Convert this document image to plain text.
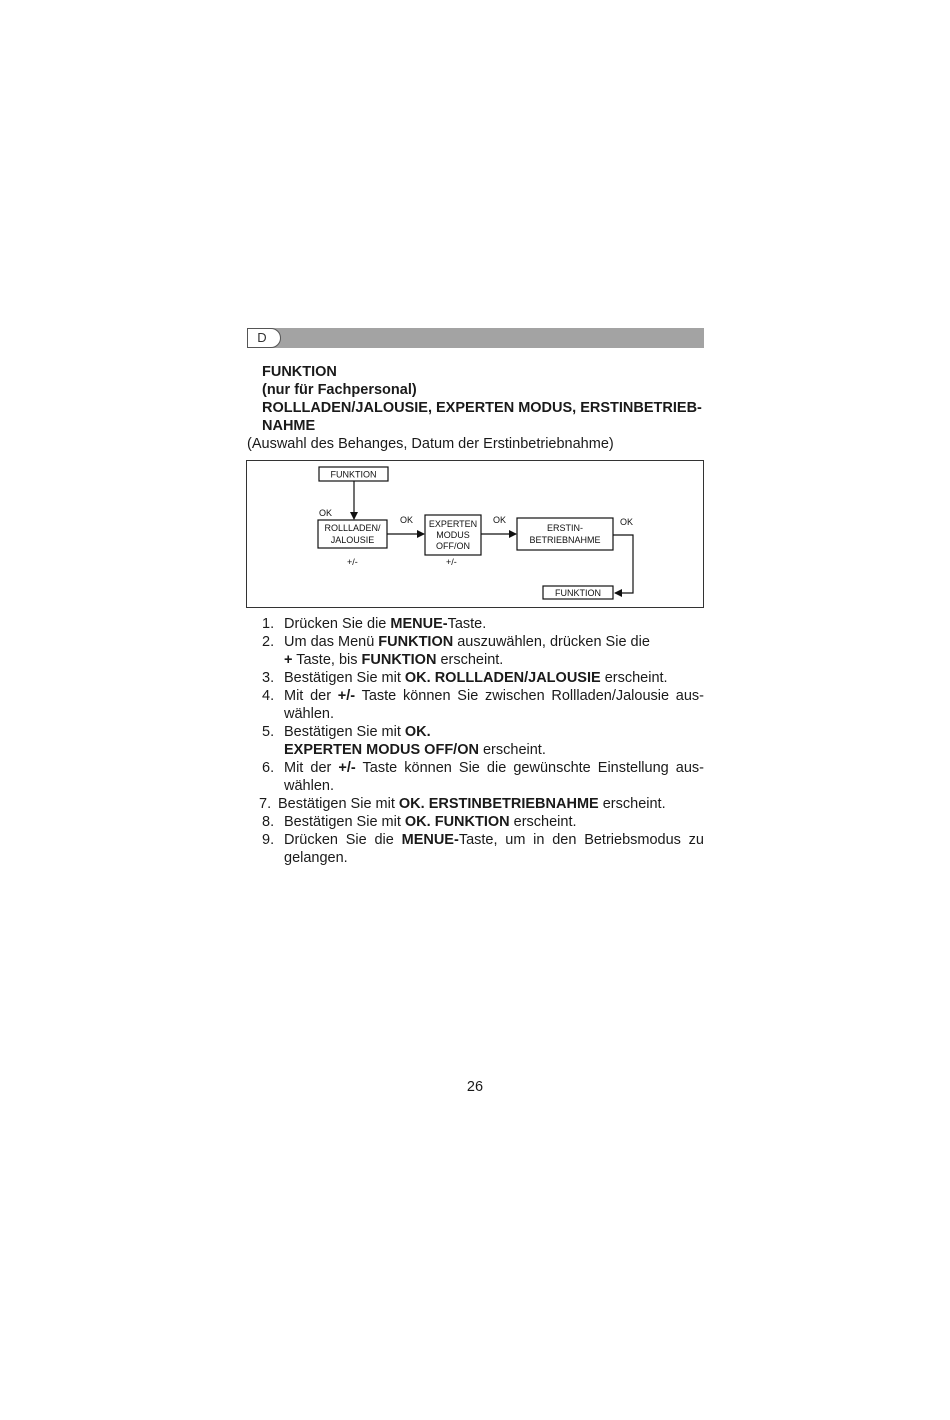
D

FUNKTION

(nur für Fachpersonal)

ROLLLADEN/JALOUSIE, EXPERTEN MODUS, ERSTINBETRIEB-

NAHME

(Auswahl des Behanges, Datum der Erstinbetriebnahme)
FUNKTION
ROLLLADEN/
JALOUSIE
OK
+/-
OK EXPERTEN
MODUS
OFF/ON
+/-
OK
ERSTIN-
BETRIEBNAHME
OK
FUNKTION
1. Drücken Sie die MENUE-Taste.
2. Um das Menü FUNKTION auszuwählen, drücken Sie die
+ Taste, bis FUNKTION erscheint.
3. Bestätigen Sie mit OK. ROLLLADEN/JALOUSIE erscheint.
4. Mit der +/- Taste können Sie zwischen Rollladen/Jalousie aus-wählen.
5. Bestätigen Sie mit OK.
EXPERTEN MODUS OFF/ON erscheint.
6. Mit der +/- Taste können Sie die gewünschte Einstellung aus-wählen.
7. Bestätigen Sie mit OK. ERSTINBETRIEBNAHME erscheint.
8. Bestätigen Sie mit OK. FUNKTION erscheint.
9. Drücken Sie die MENUE-Taste, um in den Betriebsmodus zu gelangen.
26
